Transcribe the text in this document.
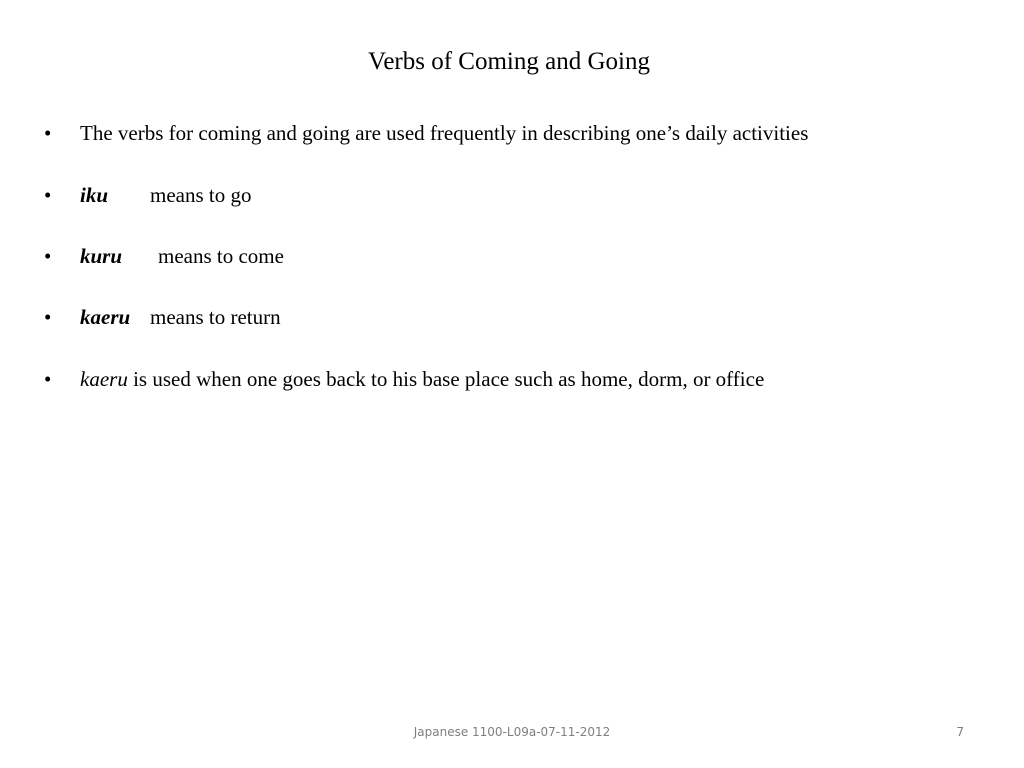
Verbs of Coming and Going
• The verbs for coming and going are used frequently in describing one’s daily activities
• iku means to go
• kuru means to come
• kaeru means to return
• kaeru is used when one goes back to his base place such as home, dorm, or office
Japanese 1100-L09a-07-11-2012	7
